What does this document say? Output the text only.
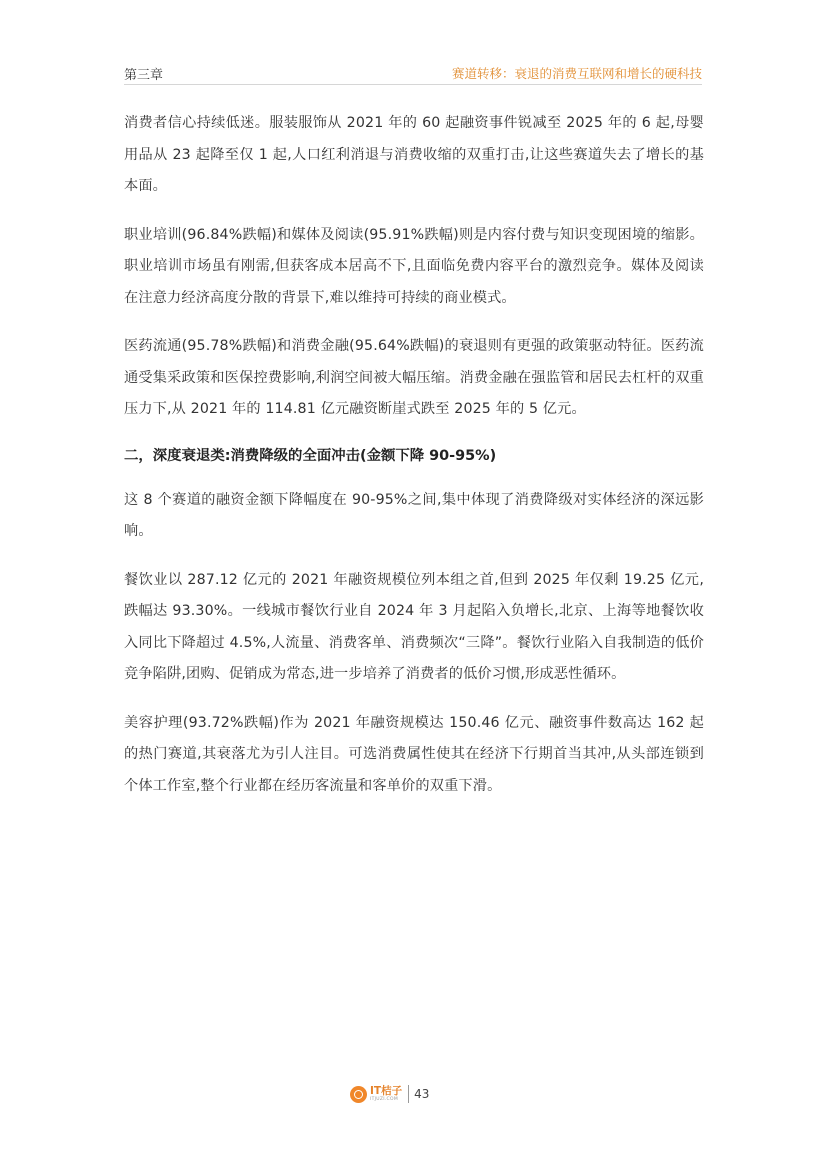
第三章	赛道转移：衰退的消费互联网和增长的硬科技

消费者信心持续低迷。服装服饰从 2021 年的 60 起融资事件锐减至 2025 年的 6 起,母婴用品从 23 起降至仅 1 起,人口红利消退与消费收缩的双重打击,让这些赛道失去了增长的基本面。

职业培训(96.84%跌幅)和媒体及阅读(95.91%跌幅)则是内容付费与知识变现困境的缩影。职业培训市场虽有刚需,但获客成本居高不下,且面临免费内容平台的激烈竞争。媒体及阅读在注意力经济高度分散的背景下,难以维持可持续的商业模式。

医药流通(95.78%跌幅)和消费金融(95.64%跌幅)的衰退则有更强的政策驱动特征。医药流通受集采政策和医保控费影响,利润空间被大幅压缩。消费金融在强监管和居民去杠杆的双重压力下,从 2021 年的 114.81 亿元融资断崖式跌至 2025 年的 5 亿元。

二，深度衰退类:消费降级的全面冲击(金额下降 90-95%)

这 8 个赛道的融资金额下降幅度在 90-95%之间,集中体现了消费降级对实体经济的深远影响。

餐饮业以 287.12 亿元的 2021 年融资规模位列本组之首,但到 2025 年仅剩 19.25 亿元,跌幅达 93.30%。一线城市餐饮行业自 2024 年 3 月起陷入负增长,北京、上海等地餐饮收入同比下降超过 4.5%,人流量、消费客单、消费频次“三降”。餐饮行业陷入自我制造的低价竞争陷阱,团购、促销成为常态,进一步培养了消费者的低价习惯,形成恶性循环。

美容护理(93.72%跌幅)作为 2021 年融资规模达 150.46 亿元、融资事件数高达 162 起的热门赛道,其衰落尤为引人注目。可选消费属性使其在经济下行期首当其冲,从头部连锁到个体工作室,整个行业都在经历客流量和客单价的双重下滑。

IT桔子
ITJUZI.COM	43
